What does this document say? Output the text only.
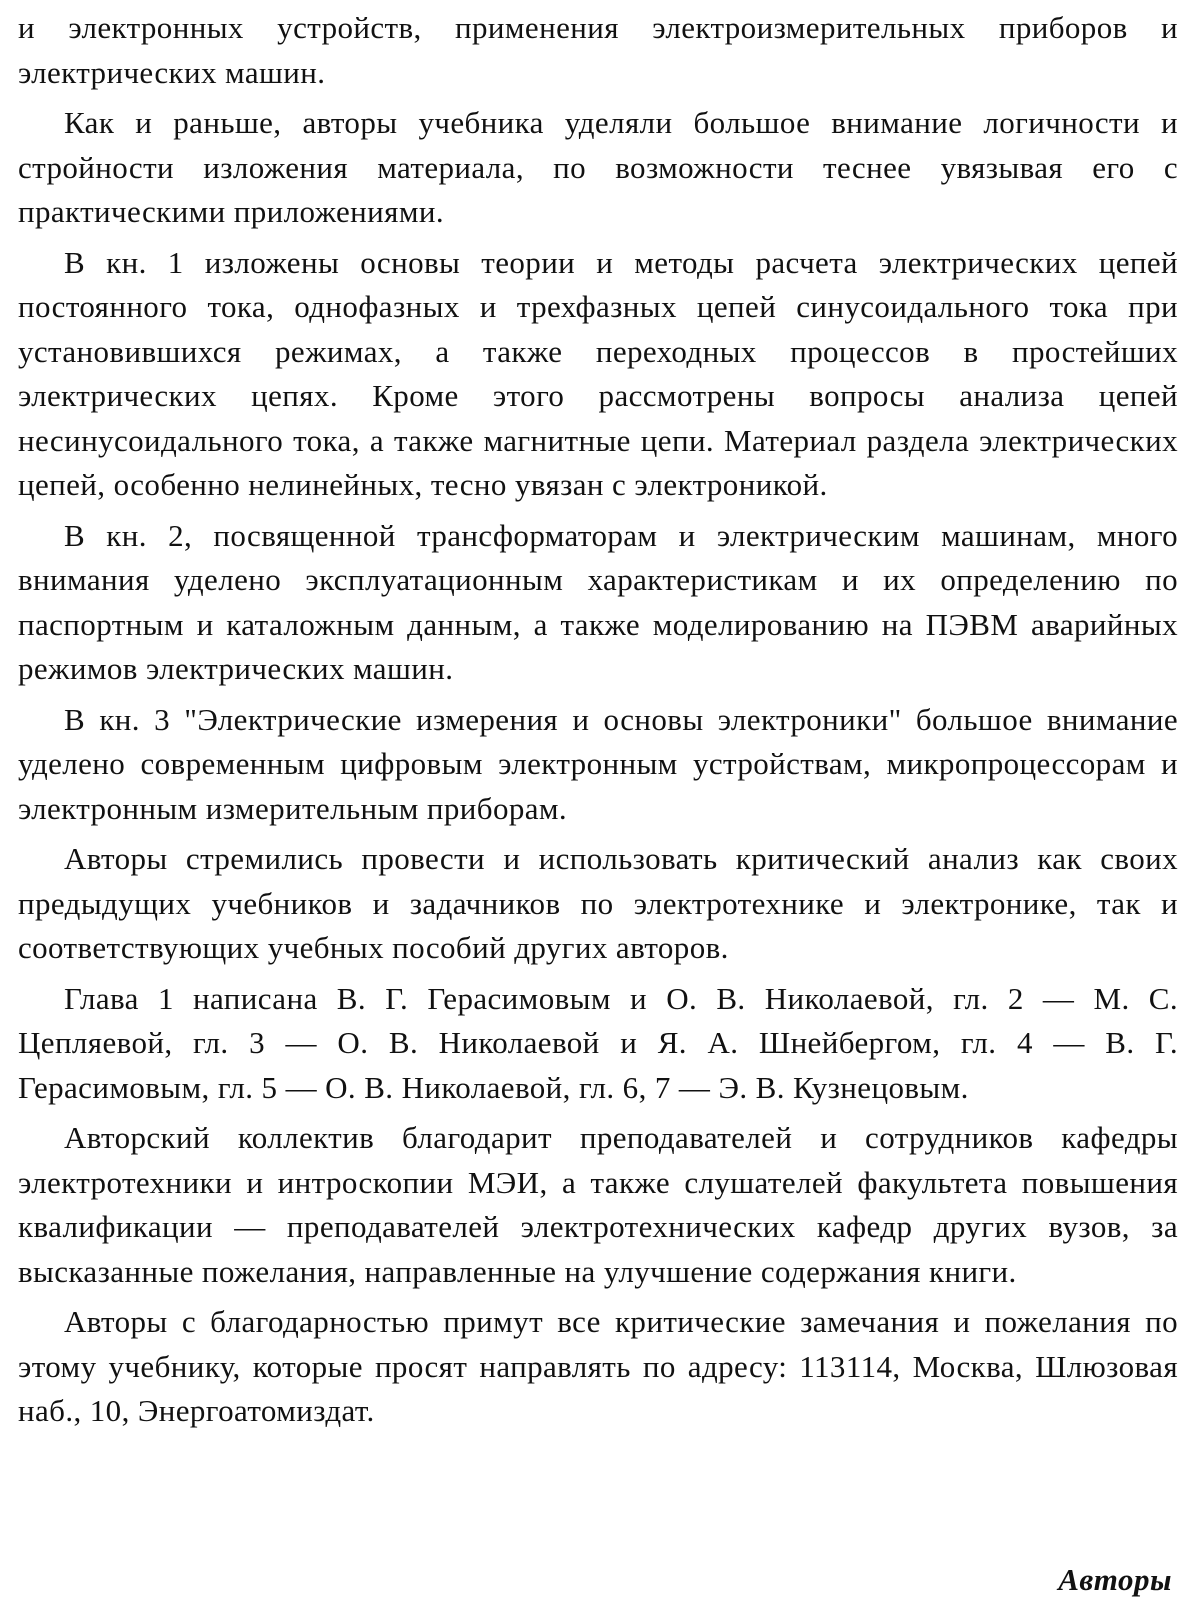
и электронных устройств, применения электроизмерительных приборов и электрических машин.

Как и раньше, авторы учебника уделяли большое внимание логичности и стройности изложения материала, по возможности теснее увязывая его с практическими приложениями.

В кн. 1 изложены основы теории и методы расчета электрических цепей постоянного тока, однофазных и трехфазных цепей синусоидального тока при установившихся режимах, а также переходных процессов в простейших электрических цепях. Кроме этого рассмотрены вопросы анализа цепей несинусоидального тока, а также магнитные цепи. Материал раздела электрических цепей, особенно нелинейных, тесно увязан с электроникой.

В кн. 2, посвященной трансформаторам и электрическим машинам, много внимания уделено эксплуатационным характеристикам и их определению по паспортным и каталожным данным, а также моделированию на ПЭВМ аварийных режимов электрических машин.

В кн. 3 "Электрические измерения и основы электроники" большое внимание уделено современным цифровым электронным устройствам, микропроцессорам и электронным измерительным приборам.

Авторы стремились провести и использовать критический анализ как своих предыдущих учебников и задачников по электротехнике и электронике, так и соответствующих учебных пособий других авторов.

Глава 1 написана В. Г. Герасимовым и О. В. Николаевой, гл. 2 — М. С. Цепляевой, гл. 3 — О. В. Николаевой и Я. А. Шнейбергом, гл. 4 — В. Г. Герасимовым, гл. 5 — О. В. Николаевой, гл. 6, 7 — Э. В. Кузнецовым.

Авторский коллектив благодарит преподавателей и сотрудников кафедры электротехники и интроскопии МЭИ, а также слушателей факультета повышения квалификации — преподавателей электротехнических кафедр других вузов, за высказанные пожелания, направленные на улучшение содержания книги.

Авторы с благодарностью примут все критические замечания и пожелания по этому учебнику, которые просят направлять по адресу: 113114, Москва, Шлюзовая наб., 10, Энергоатомиздат.

Авторы
